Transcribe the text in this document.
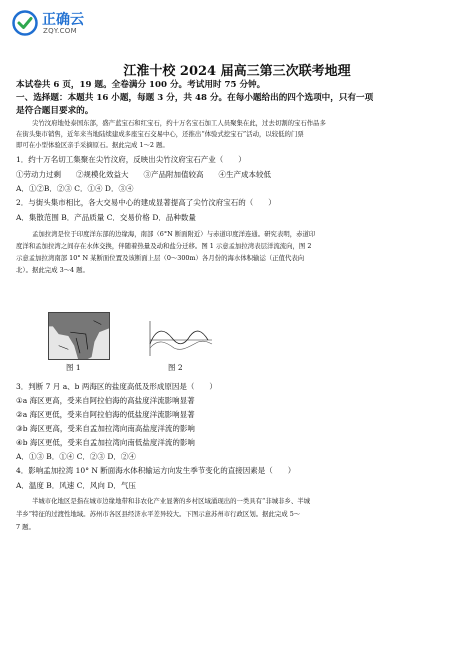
正确云
ZQY.COM
江淮十校 2024 届高三第三次联考地理
本试卷共 6 页，19 题。全卷满分 100 分。考试用时 75 分钟。
一、选择题：本题共 16 小题，每题 3 分，共 48 分。在每小题给出的四个选项中，只有一项
是符合题目要求的。
尖竹汶府地处泰国东部，盛产蓝宝石和红宝石，约十万名宝石加工人员聚集在此，过去切割的宝石作品多
在街头集市销售，近年来当地陆续建成多座宝石交易中心，还推出“体验式挖宝石”活动，以较低的门票
即可在小型体验区亲手采摘原石。据此完成 1～2 题。
1．约十万名切工集聚在尖竹汶府，反映出尖竹汶府宝石产业（　　）
①劳动力过剩　　②规模化效益大　　③产品附加值较高　　④生产成本较低
A．①②B．②③ C．①④ D．③④
2．与街头集市相比，各大交易中心的建成显著提高了尖竹汶府宝石的（　　）
A．集散范围 B．产品质量 C．交易价格 D．品种数量
孟加拉湾是位于印度洋东部的边缘海，南部（6°N 断面附近）与赤道印度洋连通。研究表明，赤道印
度洋和孟加拉湾之间存在水体交换，伴随着热量及动和盐分迁移。图 1 示意孟加拉湾表层洋流流向，图 2
示意孟加拉湾南部 10° N 某断面位置及该断面上层（0～300m）各月份的海水体积输运（正值代表向
北）。据此完成 3～4 题。
3．判断 7 月 a、b 两海区的盐度高低及形成原因是（　　）
①a 海区更高，受来自阿拉伯海的高盐度洋流影响显著
②a 海区更低，受来自阿拉伯海的低盐度洋流影响显著
③b 海区更高，受来自孟加拉湾向南高盐度洋流的影响
④b 海区更低，受来自孟加拉湾向南低盐度洋流的影响
A．①③ B．①④ C．②③ D．②④
4．影响孟加拉湾 10° N 断面海水体积输运方向发生季节变化的直接因素是（　　）
A．温度 B．风速 C．风向 D．气压
半城市化地区是指在城市边缘地带和非农化产业显著的乡村区域涌现出的一类具有“非城非乡、半城
半乡”特征的过渡性地域。苏州市各区县经济水平差异较大。下图示意苏州市行政区划。据此完成 5～
7 题。
图 1	图 2
